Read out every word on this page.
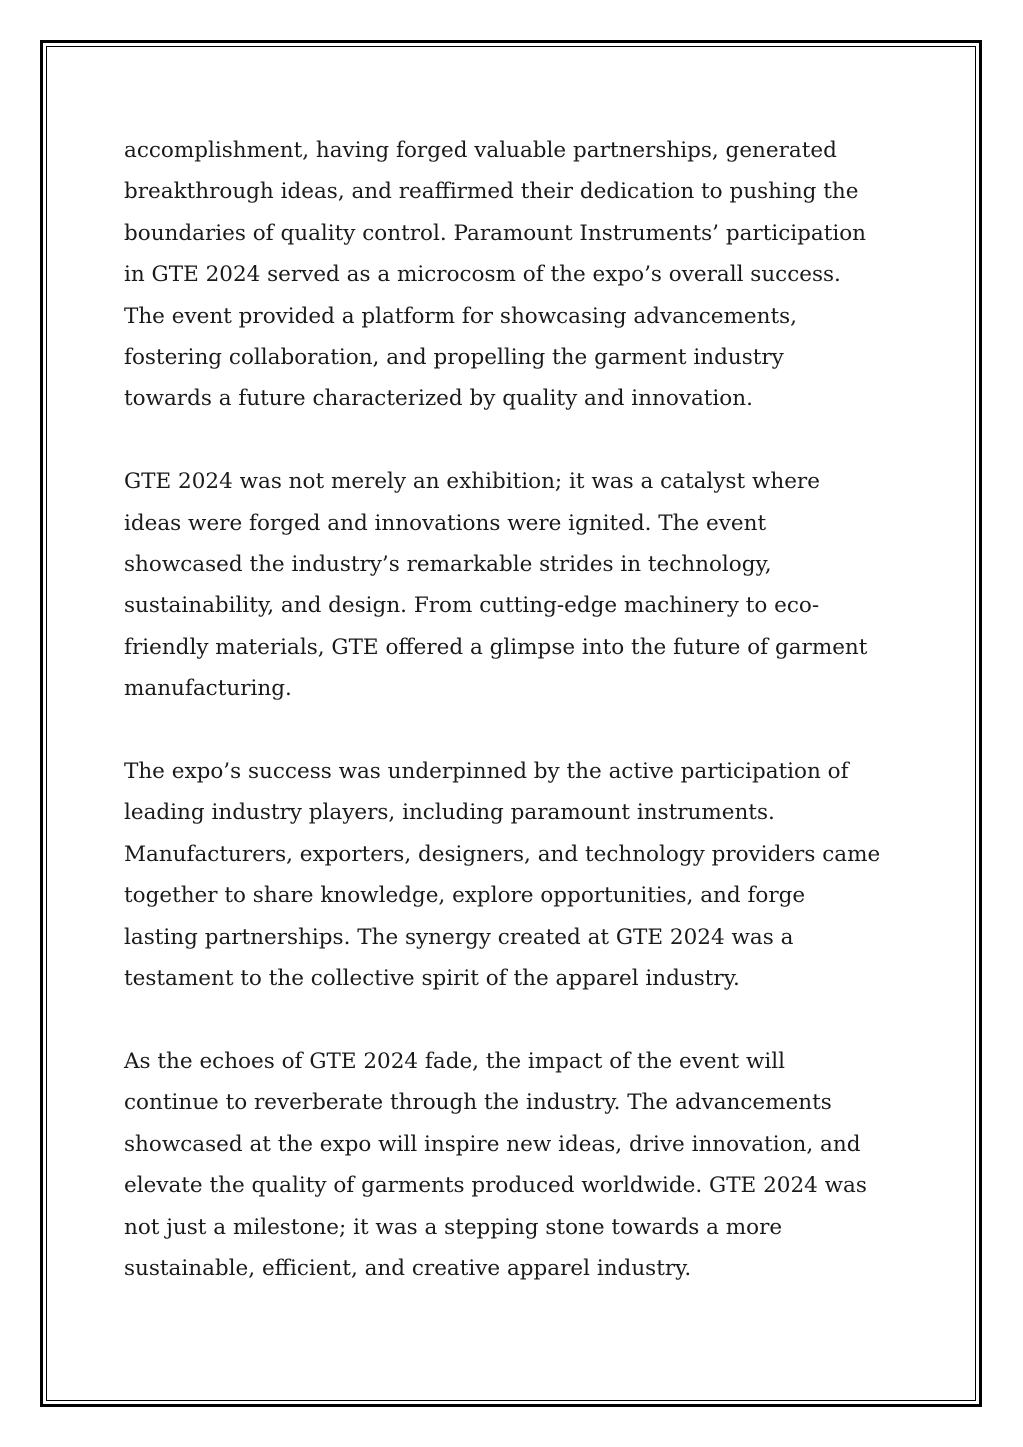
accomplishment, having forged valuable partnerships, generated
breakthrough ideas, and reaffirmed their dedication to pushing the
boundaries of quality control. Paramount Instruments’ participation
in GTE 2024 served as a microcosm of the expo’s overall success.
The event provided a platform for showcasing advancements,
fostering collaboration, and propelling the garment industry
towards a future characterized by quality and innovation.

GTE 2024 was not merely an exhibition; it was a catalyst where
ideas were forged and innovations were ignited. The event
showcased the industry’s remarkable strides in technology,
sustainability, and design. From cutting-edge machinery to eco-
friendly materials, GTE offered a glimpse into the future of garment
manufacturing.

The expo’s success was underpinned by the active participation of
leading industry players, including paramount instruments.
Manufacturers, exporters, designers, and technology providers came
together to share knowledge, explore opportunities, and forge
lasting partnerships. The synergy created at GTE 2024 was a
testament to the collective spirit of the apparel industry.

As the echoes of GTE 2024 fade, the impact of the event will
continue to reverberate through the industry. The advancements
showcased at the expo will inspire new ideas, drive innovation, and
elevate the quality of garments produced worldwide. GTE 2024 was
not just a milestone; it was a stepping stone towards a more
sustainable, efficient, and creative apparel industry.
